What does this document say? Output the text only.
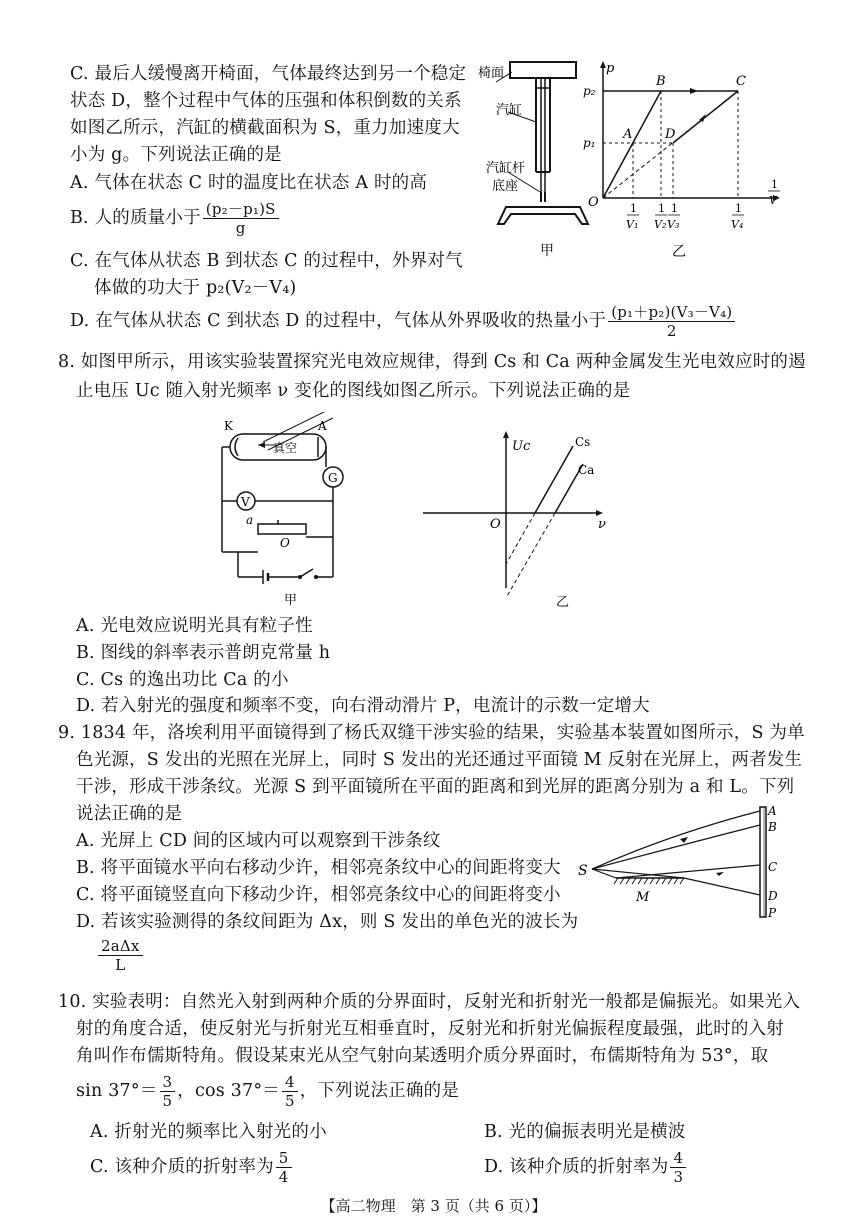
C. 最后人缓慢离开椅面，气体最终达到另一个稳定
状态 D，整个过程中气体的压强和体积倒数的关系
如图乙所示，汽缸的横截面积为 S，重力加速度大
小为 g。下列说法正确的是
A. 气体在状态 C 时的温度比在状态 A 时的高
B. 人的质量小于 $\frac{\text{(p₂－p₁)S}}{g}$
C. 在气体从状态 B 到状态 C 的过程中，外界对气
体做的功大于 p₂(V₂－V₄)
D. 在气体从状态 C 到状态 D 的过程中，气体从外界吸收的热量小于 $\frac{\text{(p₁＋p₂)(V₃－V₄)}}{2}$
椅面
汽缸
汽缸杆
底座
甲
p
p₂
p₁
A
B	C
D
O	1
V₁
1
V₂
1
V₃
1
V₄
1
V
乙
8. 如图甲所示，用该实验装置探究光电效应规律，得到 Cs 和 Ca 两种金属发生光电效应时的遏
止电压 Uc 随入射光频率 ν 变化的图线如图乙所示。下列说法正确的是
K	A
真空
G
V
a
O
甲
Uc
ν
O
Cs
Ca
乙
A. 光电效应说明光具有粒子性
B. 图线的斜率表示普朗克常量 h
C. Cs 的逸出功比 Ca 的小
D. 若入射光的强度和频率不变，向右滑动滑片 P，电流计的示数一定增大
9. 1834 年，洛埃利用平面镜得到了杨氏双缝干涉实验的结果，实验基本装置如图所示，S 为单
色光源，S 发出的光照在光屏上，同时 S 发出的光还通过平面镜 M 反射在光屏上，两者发生
干涉，形成干涉条纹。光源 S 到平面镜所在平面的距离和到光屏的距离分别为 a 和 L。下列
说法正确的是
A. 光屏上 CD 间的区域内可以观察到干涉条纹
B. 将平面镜水平向右移动少许，相邻亮条纹中心的间距将变大
C. 将平面镜竖直向下移动少许，相邻亮条纹中心的间距将变小
D. 若该实验测得的条纹间距为 Δx，则 S 发出的单色光的波长为
$\frac{\text{2aΔx}}{L}$
S
M
A
B
C
D
P
10. 实验表明：自然光入射到两种介质的分界面时，反射光和折射光一般都是偏振光。如果光入
射的角度合适，使反射光与折射光互相垂直时，反射光和折射光偏振程度最强，此时的入射
角叫作布儒斯特角。假设某束光从空气射向某透明介质分界面时，布儒斯特角为 53°，取
$\sin 37^\circ= \frac{3}{5}$ ，$\cos 37^\circ= \frac{4}{5}$ ，下列说法正确的是
A. 折射光的频率比入射光的小	B. 光的偏振表明光是横波
C. 该种介质的折射率为 $\frac{5}{4}$	D. 该种介质的折射率为 $\frac{4}{3}$
【高二物理　第 3 页（共 6 页）】
